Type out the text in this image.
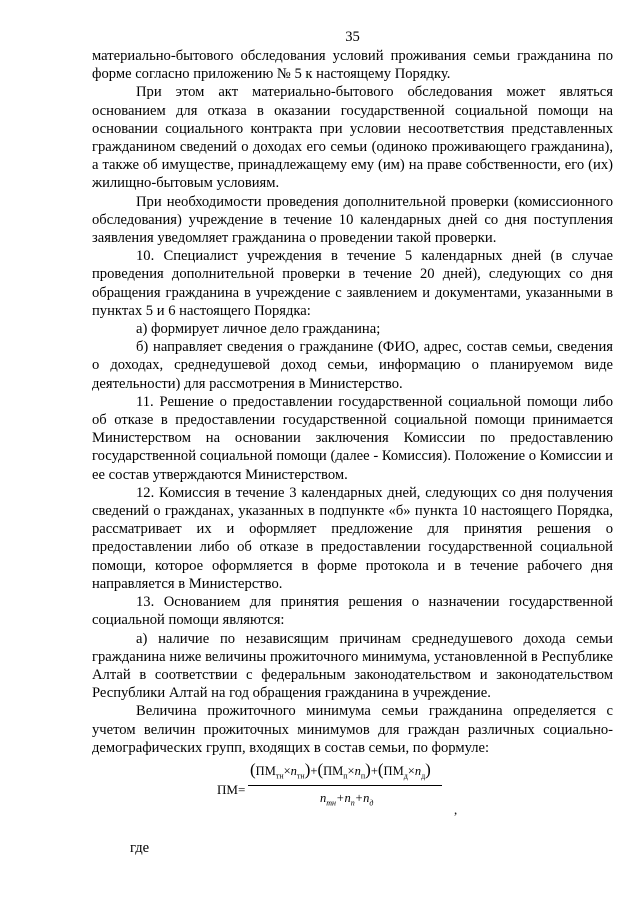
35

материально-бытового обследования условий проживания семьи гражданина по форме согласно приложению № 5 к настоящему Порядку.

При этом акт материально-бытового обследования может являться основанием для отказа в оказании государственной социальной помощи на основании социального контракта при условии несоответствия представленных гражданином сведений о доходах его семьи (одиноко проживающего гражданина), а также об имуществе, принадлежащему ему (им) на праве собственности, его (их) жилищно-бытовым условиям.

При необходимости проведения дополнительной проверки (комиссионного обследования) учреждение в течение 10 календарных дней со дня поступления заявления уведомляет гражданина о проведении такой проверки.

10. Специалист учреждения в течение 5 календарных дней (в случае проведения дополнительной проверки в течение 20 дней), следующих со дня обращения гражданина в учреждение с заявлением и документами, указанными в пунктах 5 и 6 настоящего Порядка:

а) формирует личное дело гражданина;

б) направляет сведения о гражданине (ФИО, адрес, состав семьи, сведения о доходах, среднедушевой доход семьи, информацию о планируемом виде деятельности) для рассмотрения в Министерство.

11. Решение о предоставлении государственной социальной помощи либо об отказе в предоставлении государственной социальной помощи принимается Министерством на основании заключения Комиссии по предоставлению государственной социальной помощи (далее - Комиссия). Положение о Комиссии и ее состав утверждаются Министерством.

12. Комиссия в течение 3 календарных дней, следующих со дня получения сведений о гражданах, указанных в подпункте «б» пункта 10 настоящего Порядка, рассматривает их и оформляет предложение для принятия решения о предоставлении либо об отказе в предоставлении государственной социальной помощи, которое оформляется в форме протокола и в течение рабочего дня направляется в Министерство.

13. Основанием для принятия решения о назначении государственной социальной помощи являются:

а) наличие по независящим причинам среднедушевого дохода семьи гражданина ниже величины прожиточного минимума, установленной в Республике Алтай в соответствии с федеральным законодательством и законодательством Республики Алтай на год обращения гражданина в учреждение.

Величина прожиточного минимума семьи гражданина определяется с учетом величин прожиточных минимумов для граждан различных социально-демографических групп, входящих в состав семьи, по формуле:

ПМ=
$(ПМ_{тн}\times n_{тн})+(ПМ_п\times n_п)+(ПМ_д\times n_д)$
$n_{тн}+n_п+n_д$	,
где
